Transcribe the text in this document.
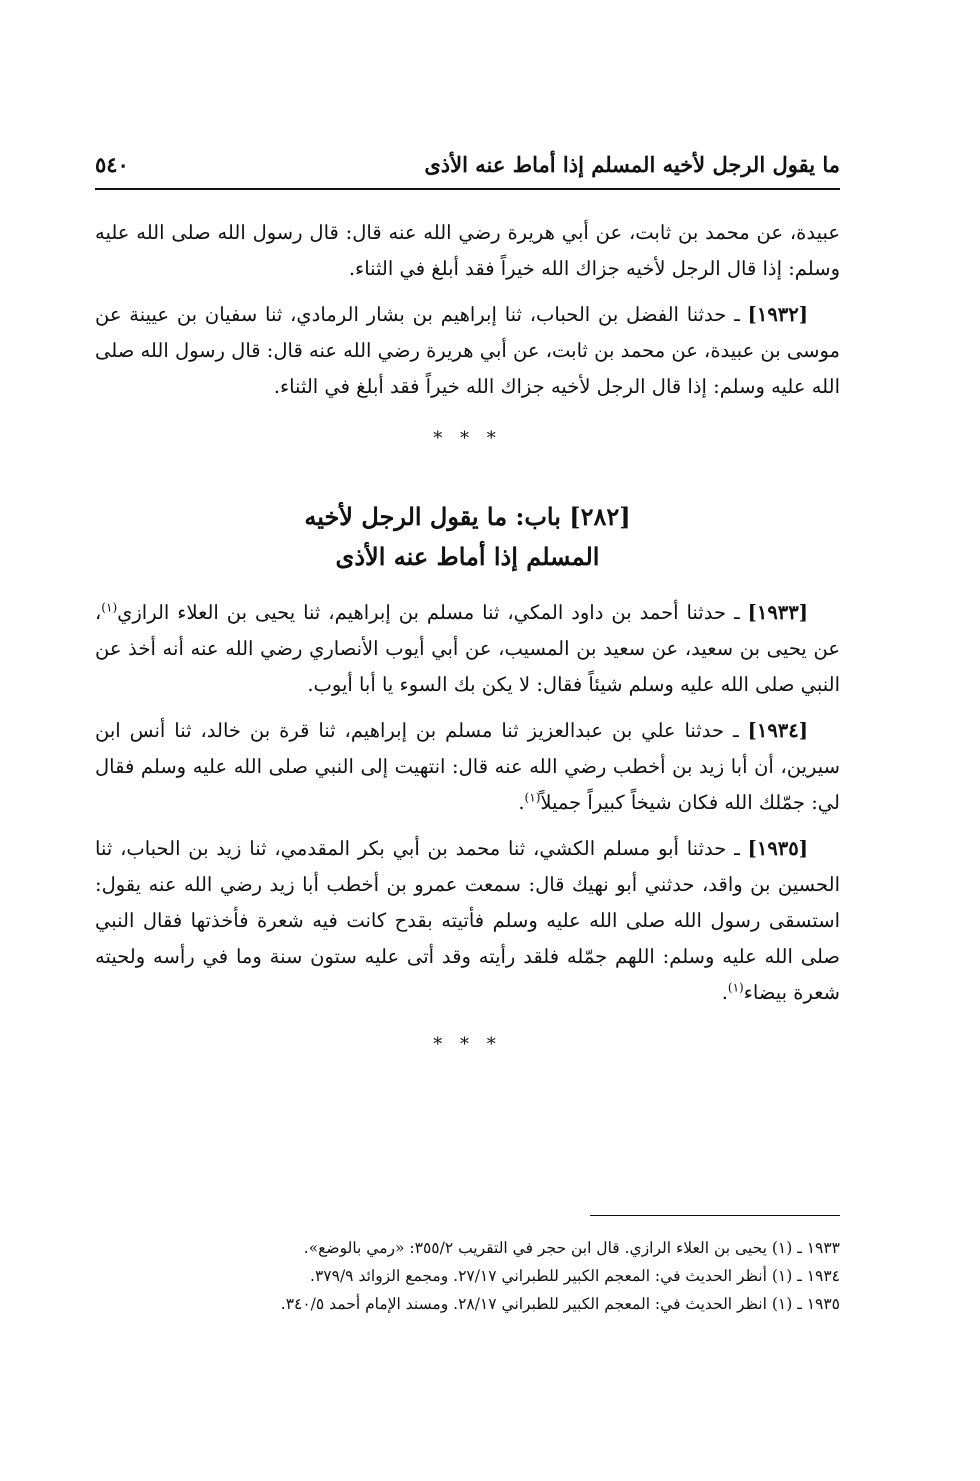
ما يقول الرجل لأخيه المسلم إذا أماط عنه الأذى
٥٤٠

عبيدة، عن محمد بن ثابت، عن أبي هريرة رضي الله عنه قال: قال رسول الله صلى الله عليه وسلم: إذا قال الرجل لأخيه جزاك الله خيراً فقد أبلغ في الثناء.

[١٩٣٢] ـ حدثنا الفضل بن الحباب، ثنا إبراهيم بن بشار الرمادي، ثنا سفيان بن عيينة عن موسى بن عبيدة، عن محمد بن ثابت، عن أبي هريرة رضي الله عنه قال: قال رسول الله صلى الله عليه وسلم: إذا قال الرجل لأخيه جزاك الله خيراً فقد أبلغ في الثناء.

* * *
[٢٨٢] باب: ما يقول الرجل لأخيه
المسلم إذا أماط عنه الأذى

[١٩٣٣] ـ حدثنا أحمد بن داود المكي، ثنا مسلم بن إبراهيم، ثنا يحيى بن العلاء الرازي$^{(١)}$، عن يحيى بن سعيد، عن سعيد بن المسيب، عن أبي أيوب الأنصاري رضي الله عنه أنه أخذ عن النبي صلى الله عليه وسلم شيئاً فقال: لا يكن بك السوء يا أبا أيوب.

[١٩٣٤] ـ حدثنا علي بن عبدالعزيز ثنا مسلم بن إبراهيم، ثنا قرة بن خالد، ثنا أنس ابن سيرين، أن أبا زيد بن أخطب رضي الله عنه قال: انتهيت إلى النبي صلى الله عليه وسلم فقال لي: جمّلك الله فكان شيخاً كبيراً جميلاً$^{(١)}$.

[١٩٣٥] ـ حدثنا أبو مسلم الكشي، ثنا محمد بن أبي بكر المقدمي، ثنا زيد بن الحباب، ثنا الحسين بن واقد، حدثني أبو نهيك قال: سمعت عمرو بن أخطب أبا زيد رضي الله عنه يقول: استسقى رسول الله صلى الله عليه وسلم فأتيته بقدح كانت فيه شعرة فأخذتها فقال النبي صلى الله عليه وسلم: اللهم جمّله فلقد رأيته وقد أتى عليه ستون سنة وما في رأسه ولحيته شعرة بيضاء$^{(١)}$.

* * *

١٩٣٣ ـ (١) يحيى بن العلاء الرازي. قال ابن حجر في التقريب ٣٥٥/٢: «رمي بالوضع».

١٩٣٤ ـ (١) أنظر الحديث في: المعجم الكبير للطبراني ٢٧/١٧. ومجمع الزوائد ٣٧٩/٩.

١٩٣٥ ـ (١) انظر الحديث في: المعجم الكبير للطبراني ٢٨/١٧. ومسند الإمام أحمد ٣٤٠/٥.
